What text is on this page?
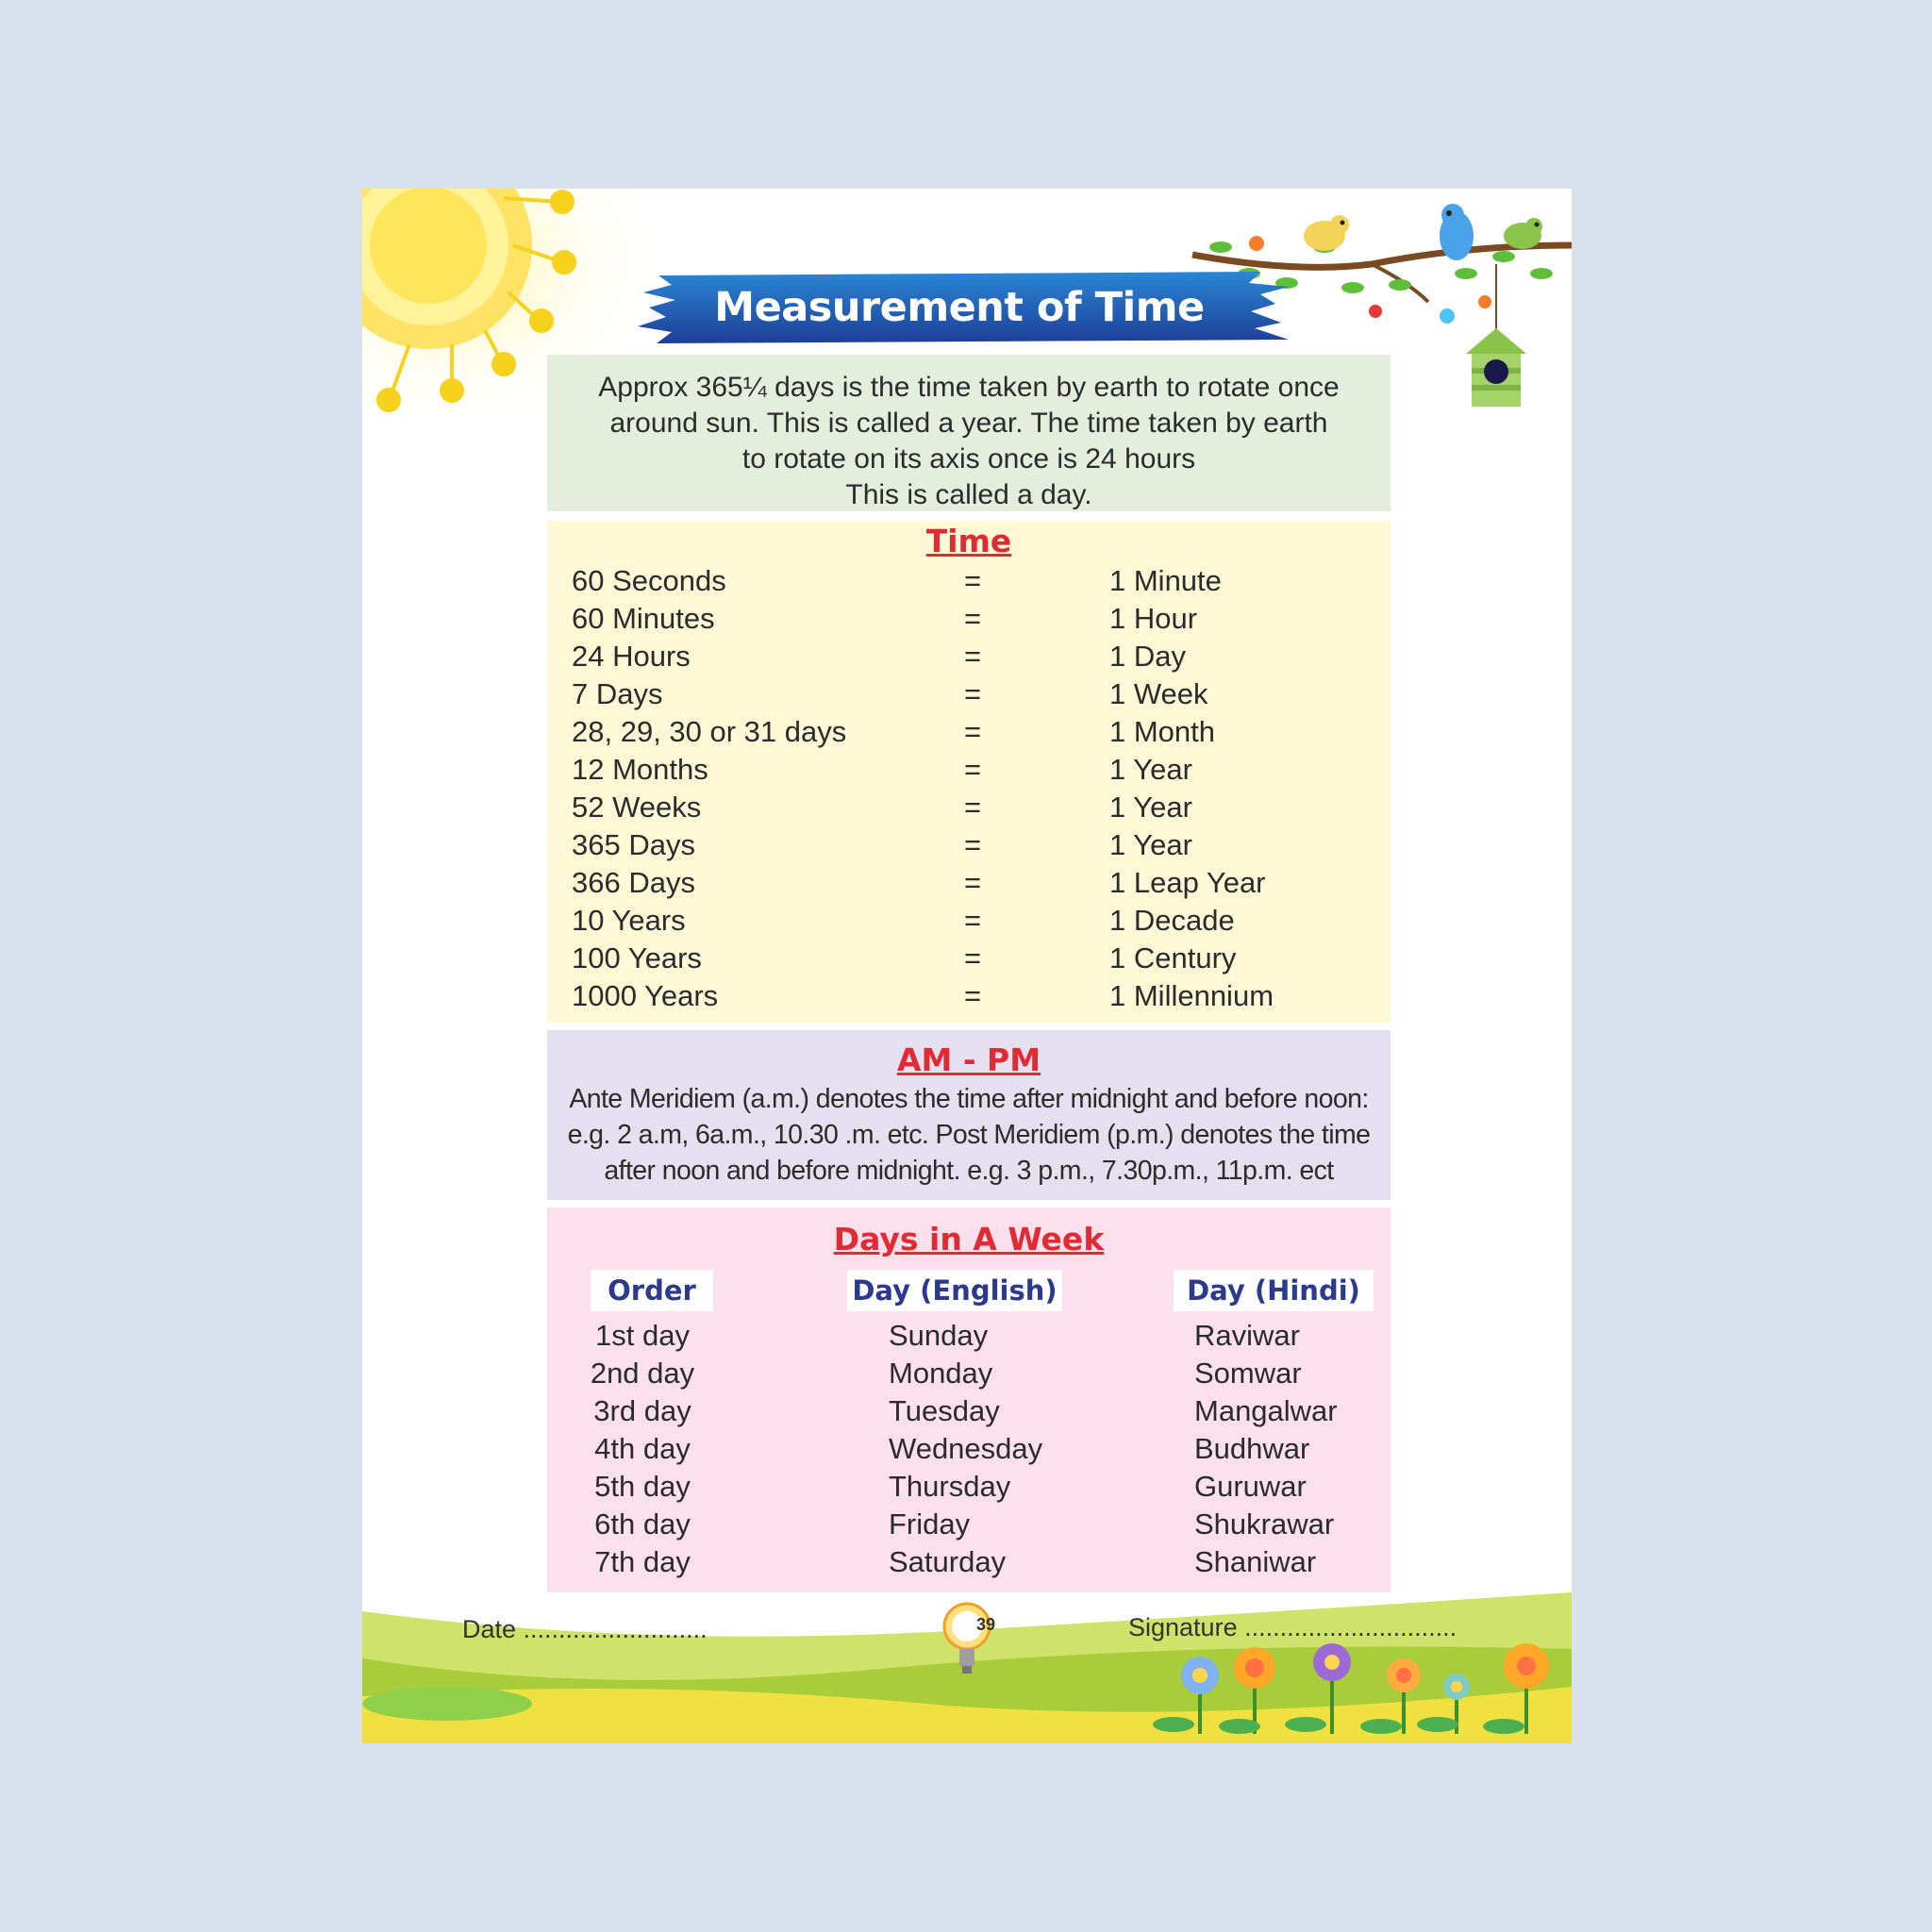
Measurement of Time
Approx 365¼ days is the time taken by earth to rotate once
around sun. This is called a year. The time taken by earth
to rotate on its axis once is 24 hours
This is called a day.
Time
60 Seconds	=	1 Minute
60 Minutes	=	1 Hour
24 Hours	=	1 Day
7 Days	=	1 Week
28, 29, 30 or 31 days	=	1 Month
12 Months	=	1 Year
52 Weeks	=	1 Year
365 Days	=	1 Year
366 Days	=	1 Leap Year
10 Years	=	1 Decade
100 Years	=	1 Century
1000 Years	=	1 Millennium
AM - PM
Ante Meridiem (a.m.) denotes the time after midnight and before noon:
e.g. 2 a.m, 6a.m., 10.30 .m. etc. Post Meridiem (p.m.) denotes the time
after noon and before midnight. e.g. 3 p.m., 7.30p.m., 11p.m. ect
Days in A Week
Order	Day (English)	Day (Hindi)
1st day	Sunday	Raviwar
2nd day	Monday	Somwar
3rd day	Tuesday	Mangalwar
4th day	Wednesday	Budhwar
5th day	Thursday	Guruwar
6th day	Friday	Shukrawar
7th day	Saturday	Shaniwar
39
Date ..........................	Signature ..............................
